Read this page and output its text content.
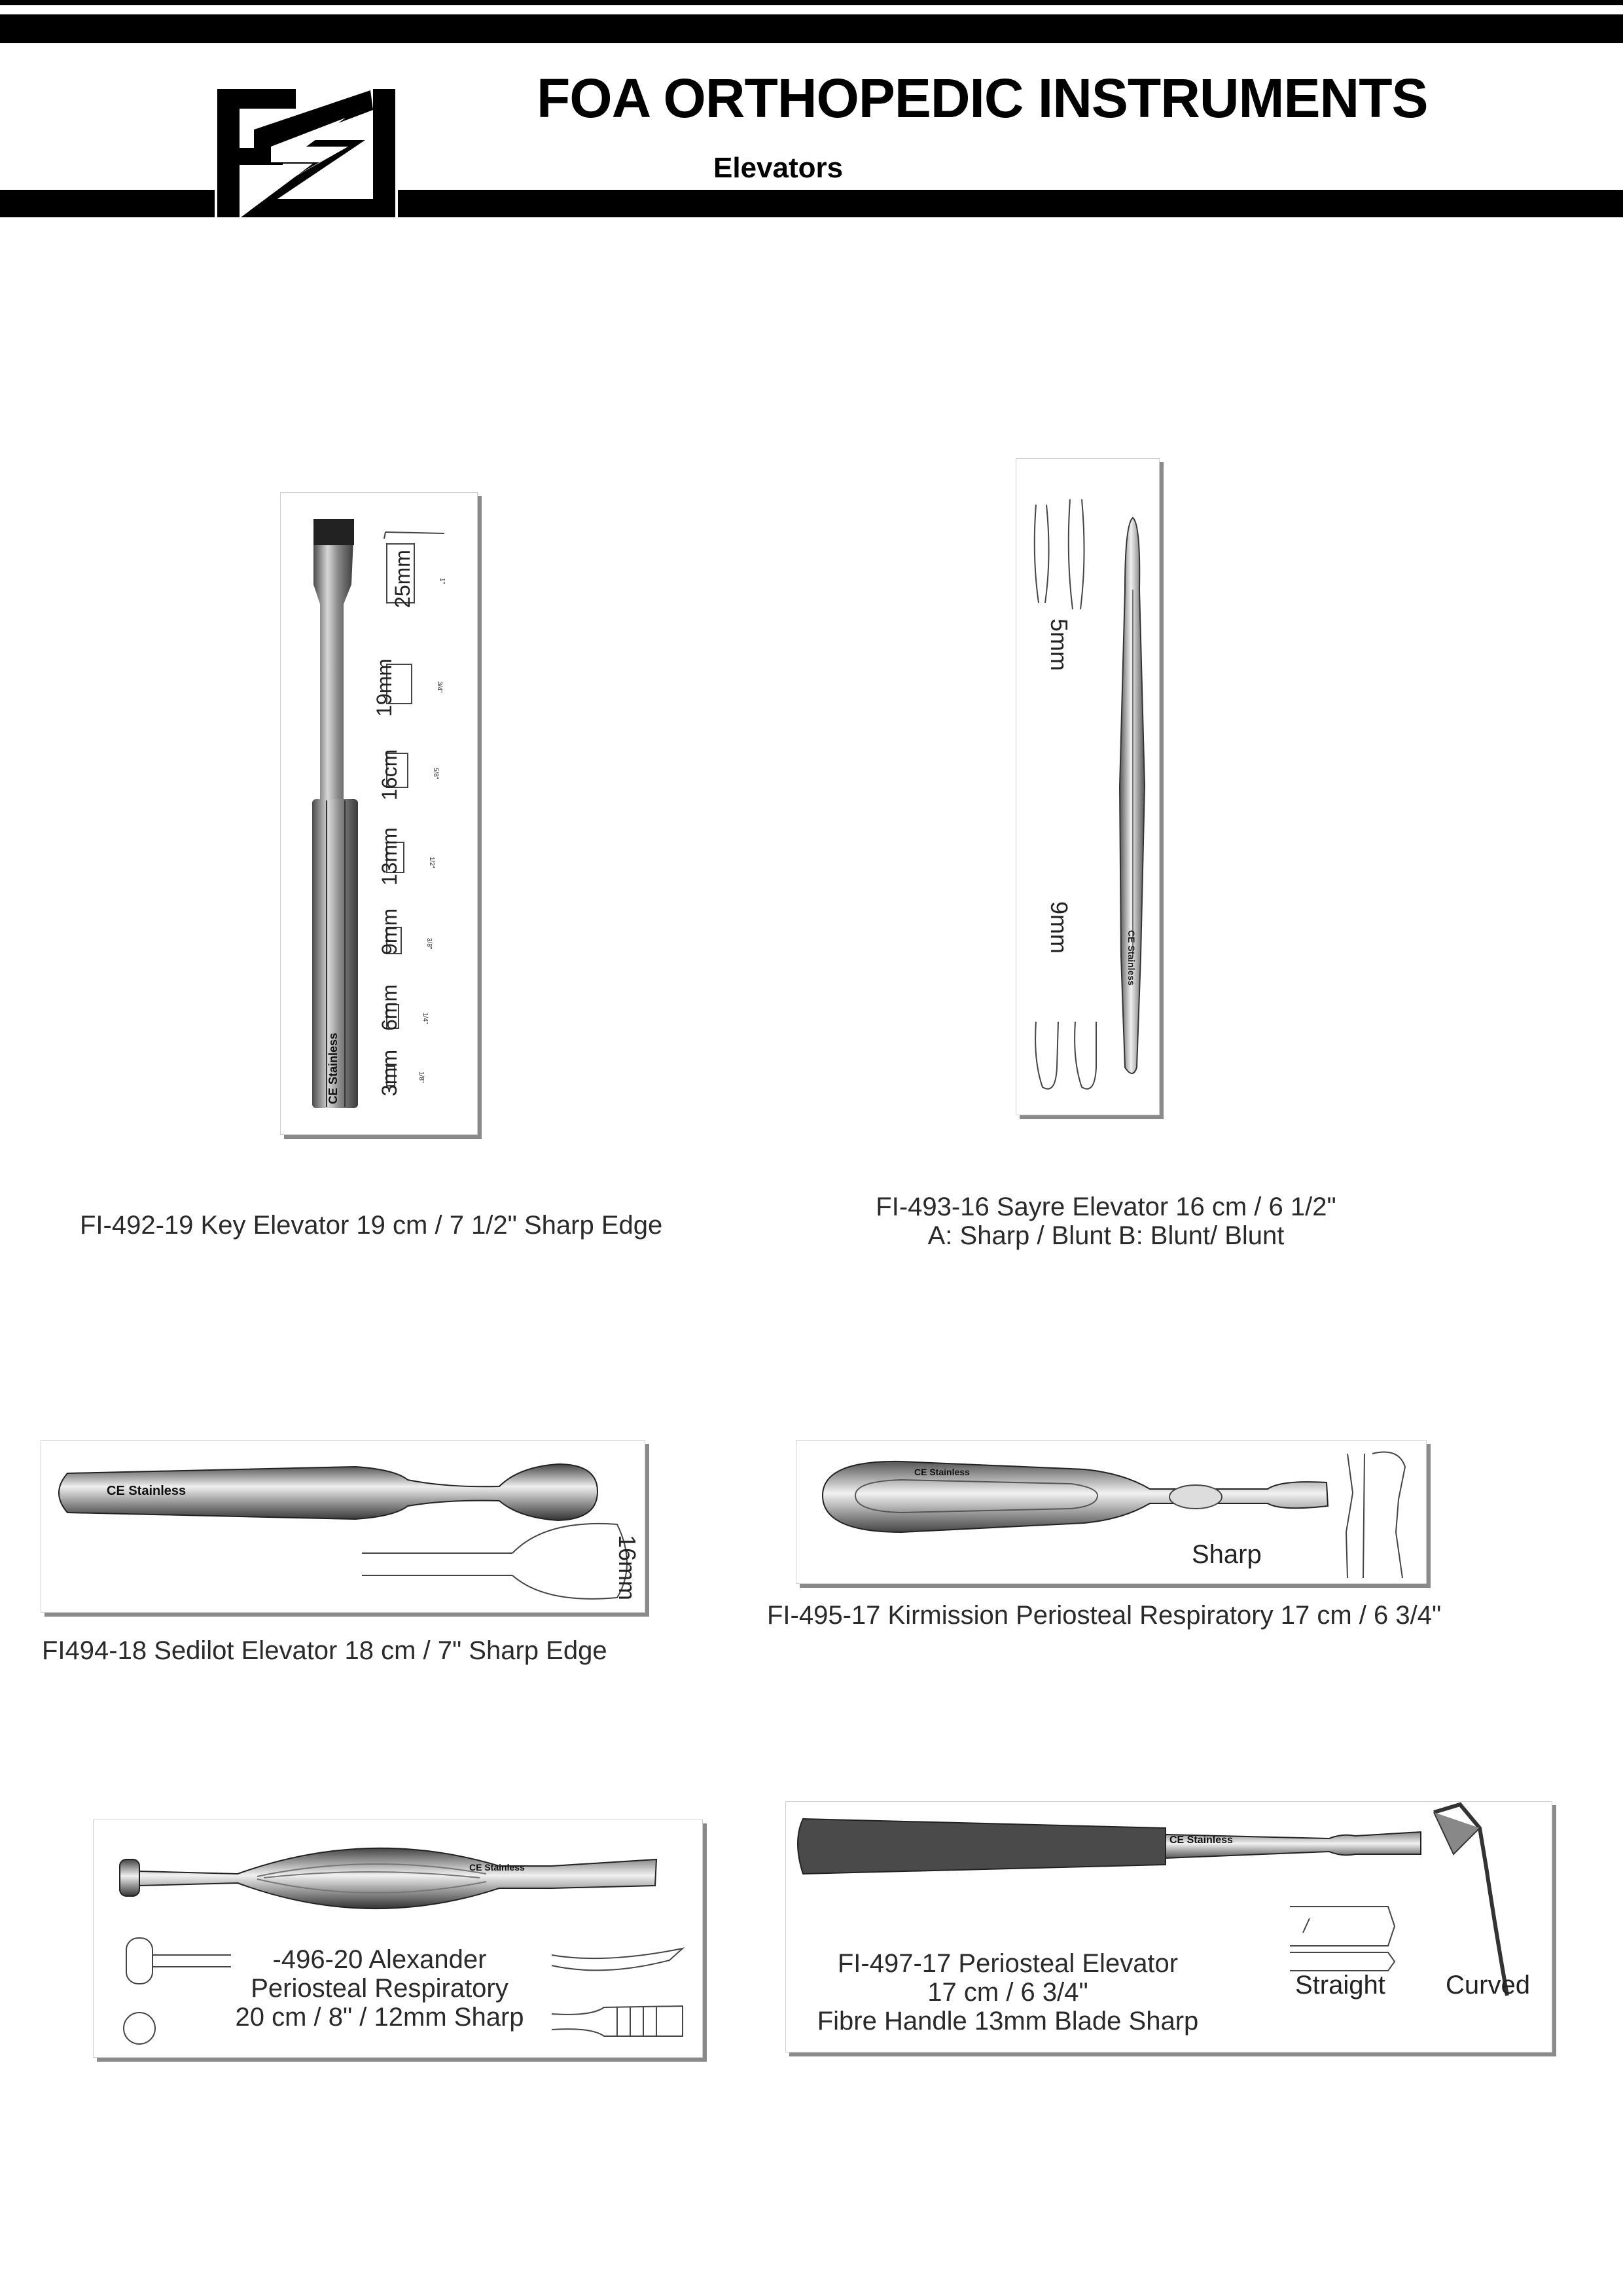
FOA ORTHOPEDIC INSTRUMENTS
Elevators
CE Stainless
25mm
19mm
16cm
13mm
9mm
6mm
3mm
1"
3/4"
5/8"
1/2"
3/8"
1/4"
1/8"
FI-492-19 Key Elevator 19 cm / 7 1/2" Sharp Edge
5mm
9mm
CE Stainless
FI-493-16 Sayre Elevator 16 cm / 6 1/2"
A: Sharp / Blunt B: Blunt/ Blunt
CE Stainless
16mm
FI494-18 Sedilot Elevator 18 cm / 7" Sharp Edge
CE Stainless
Sharp
FI-495-17 Kirmission Periosteal Respiratory 17 cm / 6 3/4"
CE Stainless
-496-20 Alexander
Periosteal Respiratory
20 cm / 8" / 12mm Sharp
CE Stainless
Straight Curved
FI-497-17 Periosteal Elevator
17 cm / 6 3/4"
Fibre Handle 13mm Blade Sharp
